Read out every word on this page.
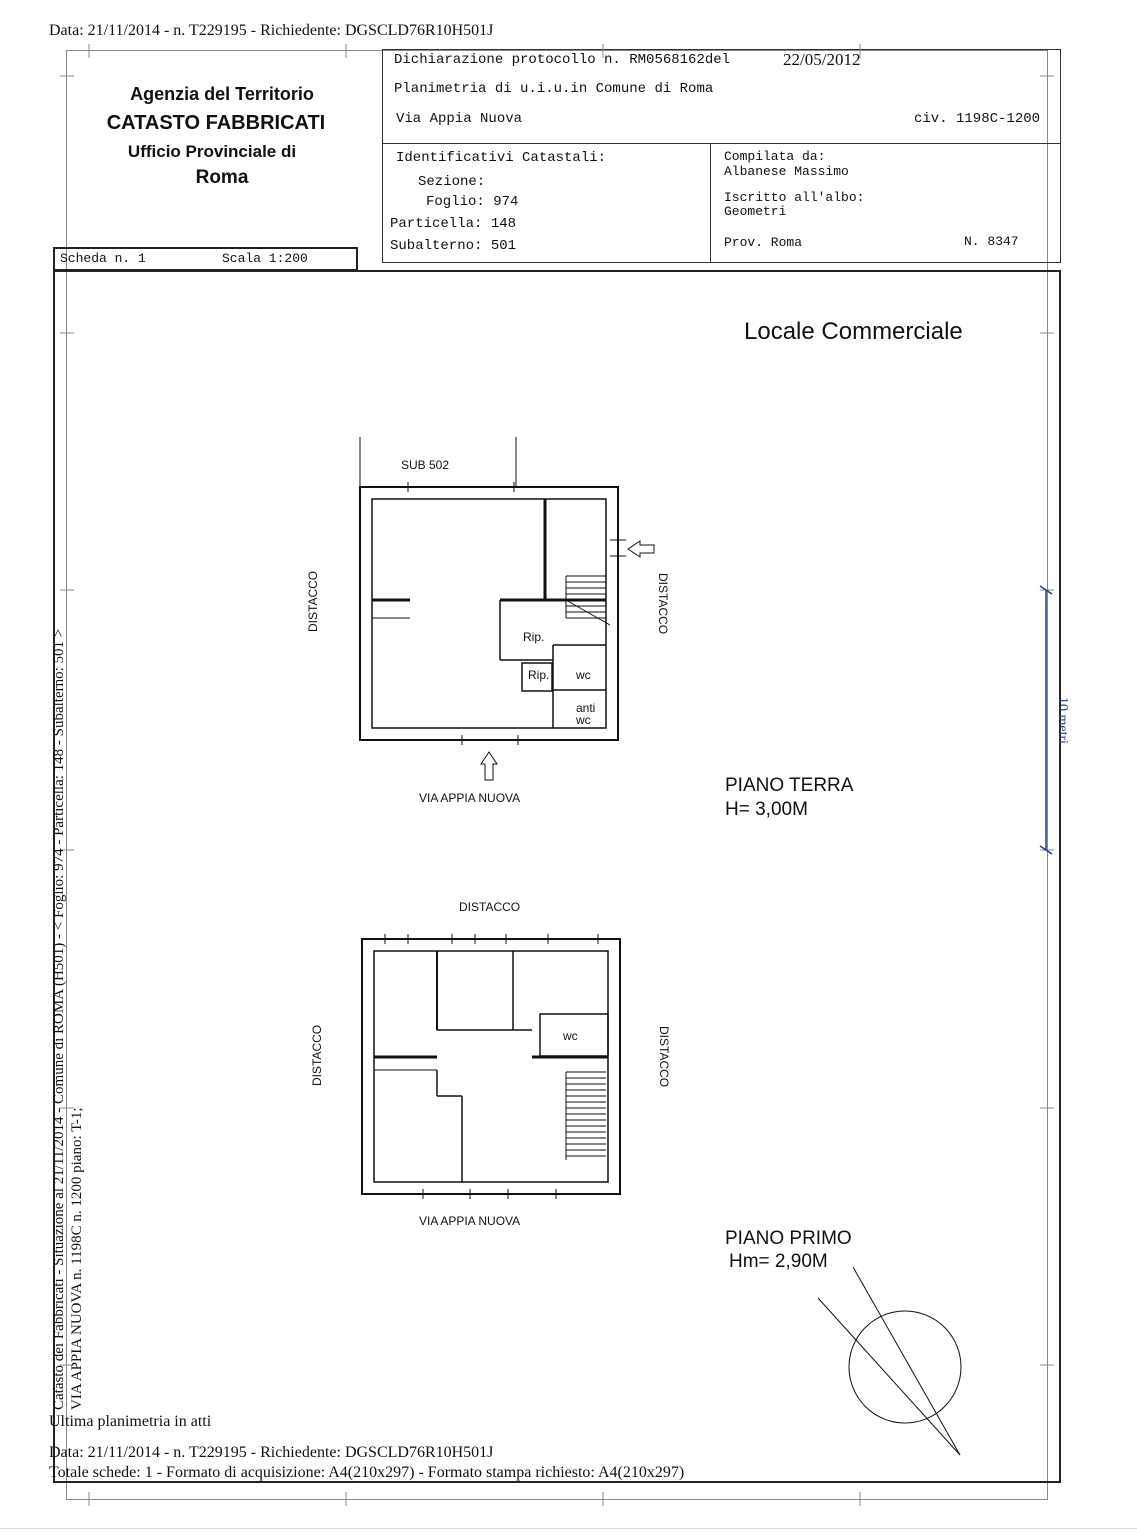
Data: 21/11/2014 - n. T229195 - Richiedente: DGSCLD76R10H501J
Agenzia del Territorio
CATASTO FABBRICATI
Ufficio Provinciale di
Roma
Dichiarazione protocollo n. RM0568162del	22/05/2012
Planimetria di u.i.u.in Comune di Roma
Via Appia Nuova	civ. 1198C-1200
Identificativi Catastali:
Sezione:
Foglio: 974
Particella: 148
Subalterno: 501
Compilata da:
Albanese Massimo
Iscritto all'albo:
Geometri
Prov. Roma	N. 8347
Scheda n. 1	Scala 1:200
Locale Commerciale
SUB 502
DISTACCO	DISTACCO
Rip.
Rip. wc
anti
wc
VIA APPIA NUOVA
PIANO TERRA
H= 3,00M
DISTACCO
DISTACCO	DISTACCO
wc
VIA APPIA NUOVA
PIANO PRIMO
Hm= 2,90M
10 metri
Catasto dei Fabbricati - Situazione al 21/11/2014 - Comune di ROMA (H501) - < Foglio: 974 - Particella: 148 - Subalterno: 501 > VIA APPIA NUOVA n. 1198C n. 1200 piano: T-1;
Ultima planimetria in atti
Data: 21/11/2014 - n. T229195 - Richiedente: DGSCLD76R10H501J
Totale schede: 1 - Formato di acquisizione: A4(210x297) - Formato stampa richiesto: A4(210x297)
